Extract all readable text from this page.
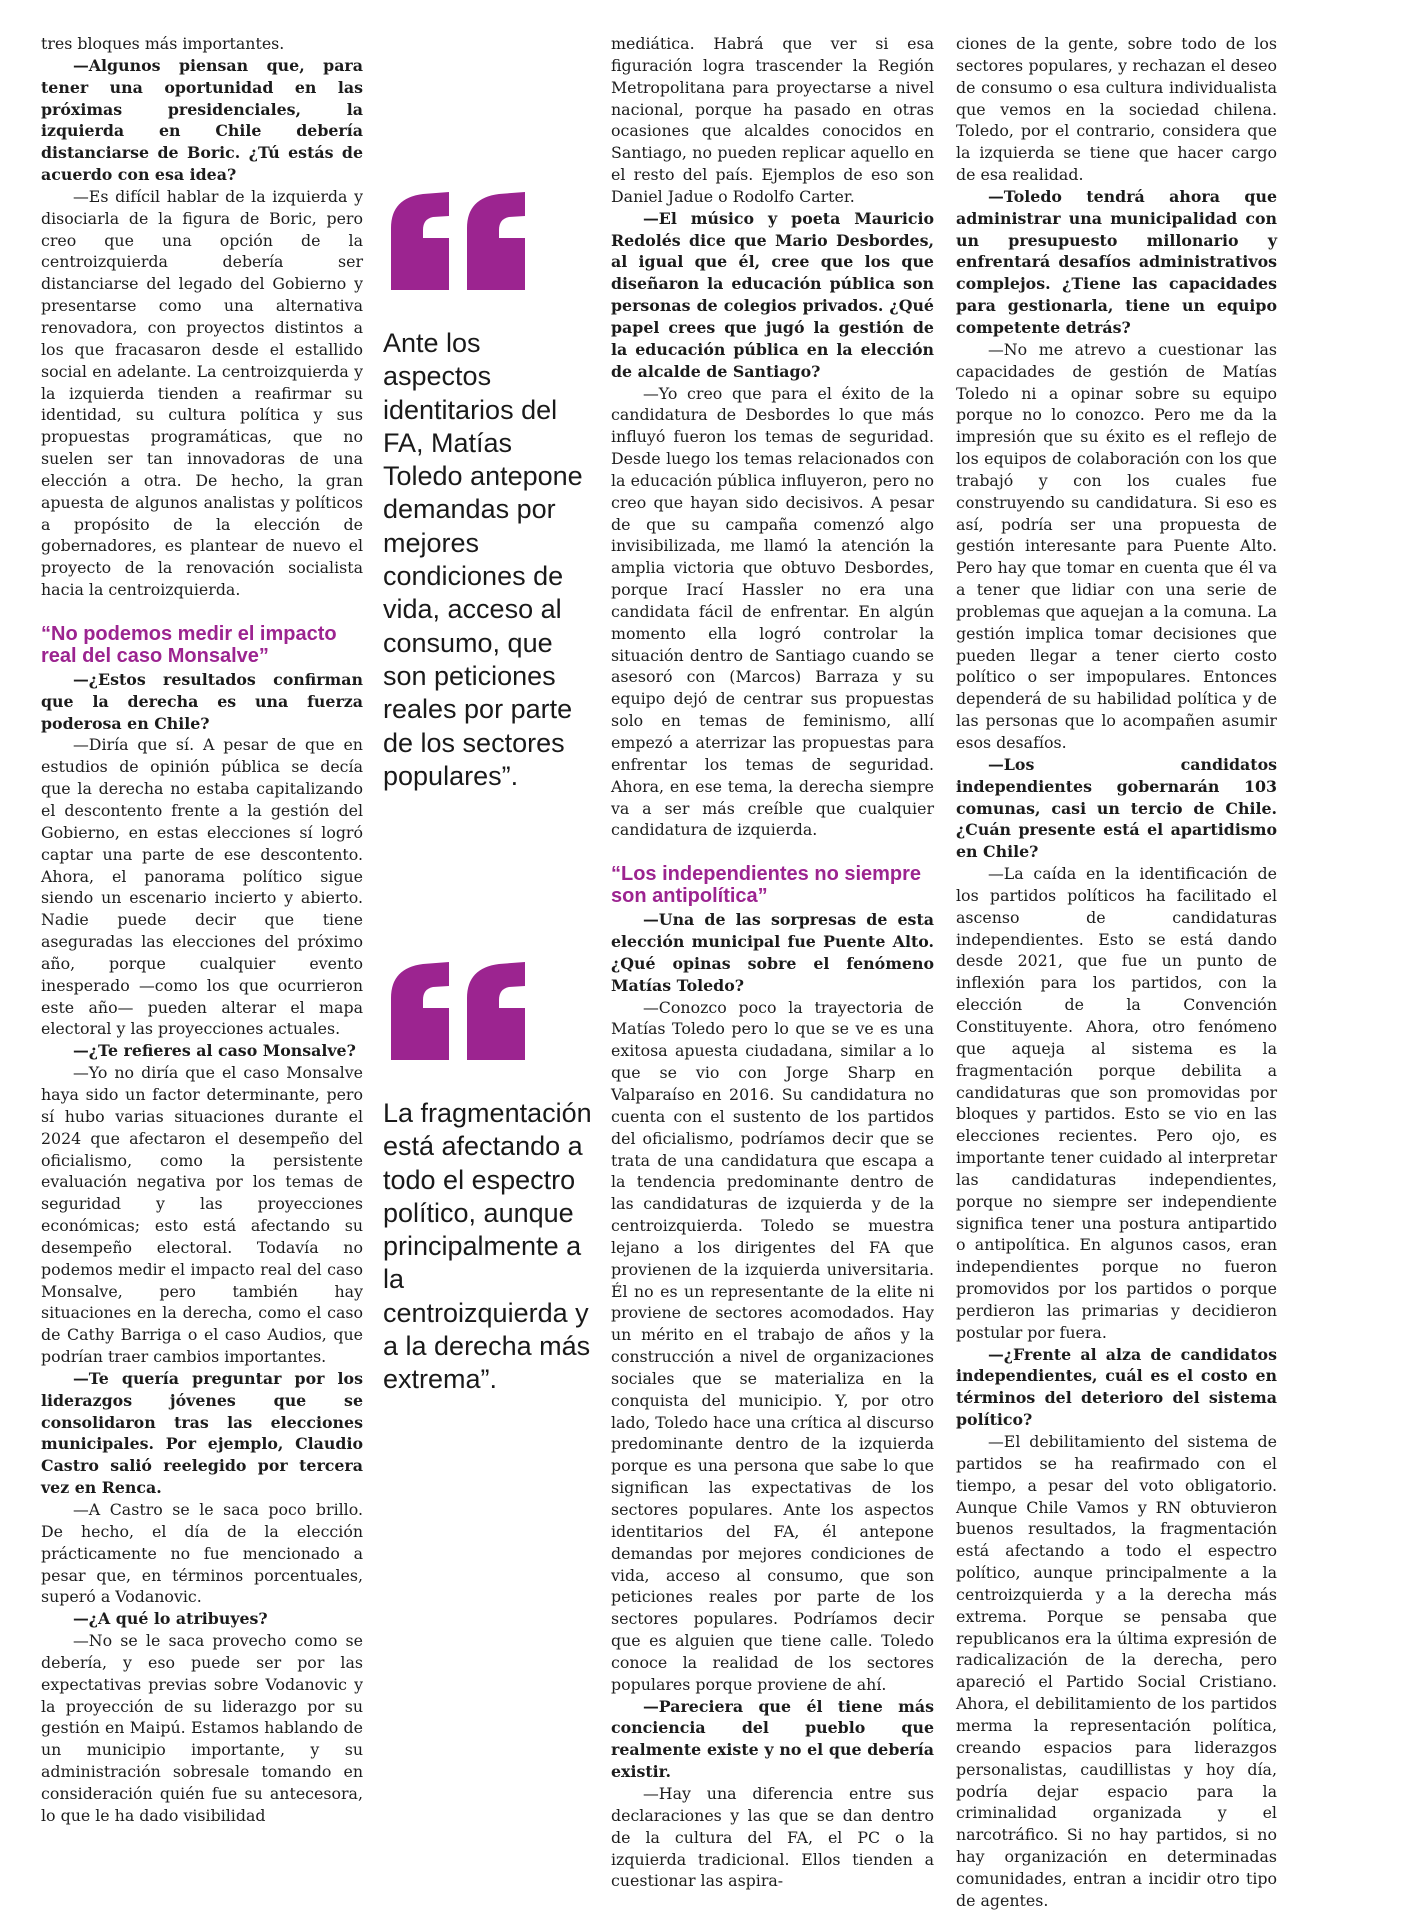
tres bloques más importantes.

—Algunos piensan que, para tener una oportunidad en las próximas presidenciales, la izquierda en Chile debería distanciarse de Boric. ¿Tú estás de acuerdo con esa idea?

—Es difícil hablar de la izquierda y disociarla de la figura de Boric, pero creo que una opción de la centroizquierda debería ser distanciarse del legado del Gobierno y presentarse como una alternativa renovadora, con proyectos distintos a los que fracasaron desde el estallido social en adelante. La centroizquierda y la izquierda tienden a reafirmar su identidad, su cultura política y sus propuestas programáticas, que no suelen ser tan innovadoras de una elección a otra. De hecho, la gran apuesta de algunos analistas y políticos a propósito de la elección de gobernadores, es plantear de nuevo el proyecto de la renovación socialista hacia la centroizquierda.

“No podemos medir el impacto real del caso Monsalve”

—¿Estos resultados confirman que la derecha es una fuerza poderosa en Chile?

—Diría que sí. A pesar de que en estudios de opinión pública se decía que la derecha no estaba capitalizando el descontento frente a la gestión del Gobierno, en estas elecciones sí logró captar una parte de ese descontento. Ahora, el panorama político sigue siendo un escenario incierto y abierto. Nadie puede decir que tiene aseguradas las elecciones del próximo año, porque cualquier evento inesperado —como los que ocurrieron este año— pueden alterar el mapa electoral y las proyecciones actuales.

—¿Te refieres al caso Monsalve?

—Yo no diría que el caso Monsalve haya sido un factor determinante, pero sí hubo varias situaciones durante el 2024 que afectaron el desempeño del oficialismo, como la persistente evaluación negativa por los temas de seguridad y las proyecciones económicas; esto está afectando su desempeño electoral. Todavía no podemos medir el impacto real del caso Monsalve, pero también hay situaciones en la derecha, como el caso de Cathy Barriga o el caso Audios, que podrían traer cambios importantes.

—Te quería preguntar por los liderazgos jóvenes que se consolidaron tras las elecciones municipales. Por ejemplo, Claudio Castro salió reelegido por tercera vez en Renca.

—A Castro se le saca poco brillo. De hecho, el día de la elección prácticamente no fue mencionado a pesar que, en términos porcentuales, superó a Vodanovic.

—¿A qué lo atribuyes?

—No se le saca provecho como se debería, y eso puede ser por las expectativas previas sobre Vodanovic y la proyección de su liderazgo por su gestión en Maipú. Estamos hablando de un municipio importante, y su administración sobresale tomando en consideración quién fue su antecesora, lo que le ha dado visibilidad

Ante los aspectos identitarios del FA, Matías Toledo antepone demandas por mejores condiciones de vida, acceso al consumo, que son peticiones reales por parte de los sectores populares”.

La fragmentación está afectando a todo el espectro político, aunque principalmente a la centroizquierda y a la derecha más extrema”.

mediática. Habrá que ver si esa figuración logra trascender la Región Metropolitana para proyectarse a nivel nacional, porque ha pasado en otras ocasiones que alcaldes conocidos en Santiago, no pueden replicar aquello en el resto del país. Ejemplos de eso son Daniel Jadue o Rodolfo Carter.

—El músico y poeta Mauricio Redolés dice que Mario Desbordes, al igual que él, cree que los que diseñaron la educación pública son personas de colegios privados. ¿Qué papel crees que jugó la gestión de la educación pública en la elección de alcalde de Santiago?

—Yo creo que para el éxito de la candidatura de Desbordes lo que más influyó fueron los temas de seguridad. Desde luego los temas relacionados con la educación pública influyeron, pero no creo que hayan sido decisivos. A pesar de que su campaña comenzó algo invisibilizada, me llamó la atención la amplia victoria que obtuvo Desbordes, porque Iracı́ Hassler no era una candidata fácil de enfrentar. En algún momento ella logró controlar la situación dentro de Santiago cuando se asesoró con (Marcos) Barraza y su equipo dejó de centrar sus propuestas solo en temas de feminismo, allí empezó a aterrizar las propuestas para enfrentar los temas de seguridad. Ahora, en ese tema, la derecha siempre va a ser más creíble que cualquier candidatura de izquierda.

“Los independientes no siempre son antipolítica”

—Una de las sorpresas de esta elección municipal fue Puente Alto. ¿Qué opinas sobre el fenómeno Matías Toledo?

—Conozco poco la trayectoria de Matías Toledo pero lo que se ve es una exitosa apuesta ciudadana, similar a lo que se vio con Jorge Sharp en Valparaíso en 2016. Su candidatura no cuenta con el sustento de los partidos del oficialismo, podríamos decir que se trata de una candidatura que escapa a la tendencia predominante dentro de las candidaturas de izquierda y de la centroizquierda. Toledo se muestra lejano a los dirigentes del FA que provienen de la izquierda universitaria. Él no es un representante de la elite ni proviene de sectores acomodados. Hay un mérito en el trabajo de años y la construcción a nivel de organizaciones sociales que se materializa en la conquista del municipio. Y, por otro lado, Toledo hace una crítica al discurso predominante dentro de la izquierda porque es una persona que sabe lo que significan las expectativas de los sectores populares. Ante los aspectos identitarios del FA, él antepone demandas por mejores condiciones de vida, acceso al consumo, que son peticiones reales por parte de los sectores populares. Podríamos decir que es alguien que tiene calle. Toledo conoce la realidad de los sectores populares porque proviene de ahí.

—Pareciera que él tiene más conciencia del pueblo que realmente existe y no el que debería existir.

—Hay una diferencia entre sus declaraciones y las que se dan dentro de la cultura del FA, el PC o la izquierda tradicional. Ellos tienden a cuestionar las aspira-

ciones de la gente, sobre todo de los sectores populares, y rechazan el deseo de consumo o esa cultura individualista que vemos en la sociedad chilena. Toledo, por el contrario, considera que la izquierda se tiene que hacer cargo de esa realidad.

—Toledo tendrá ahora que administrar una municipalidad con un presupuesto millonario y enfrentará desafíos administrativos complejos. ¿Tiene las capacidades para gestionarla, tiene un equipo competente detrás?

—No me atrevo a cuestionar las capacidades de gestión de Matías Toledo ni a opinar sobre su equipo porque no lo conozco. Pero me da la impresión que su éxito es el reflejo de los equipos de colaboración con los que trabajó y con los cuales fue construyendo su candidatura. Si eso es así, podría ser una propuesta de gestión interesante para Puente Alto. Pero hay que tomar en cuenta que él va a tener que lidiar con una serie de problemas que aquejan a la comuna. La gestión implica tomar decisiones que pueden llegar a tener cierto costo político o ser impopulares. Entonces dependerá de su habilidad política y de las personas que lo acompañen asumir esos desafíos.

—Los candidatos independientes gobernarán 103 comunas, casi un tercio de Chile. ¿Cuán presente está el apartidismo en Chile?

—La caída en la identificación de los partidos políticos ha facilitado el ascenso de candidaturas independientes. Esto se está dando desde 2021, que fue un punto de inflexión para los partidos, con la elección de la Convención Constituyente. Ahora, otro fenómeno que aqueja al sistema es la fragmentación porque debilita a candidaturas que son promovidas por bloques y partidos. Esto se vio en las elecciones recientes. Pero ojo, es importante tener cuidado al interpretar las candidaturas independientes, porque no siempre ser independiente significa tener una postura antipartido o antipolítica. En algunos casos, eran independientes porque no fueron promovidos por los partidos o porque perdieron las primarias y decidieron postular por fuera.

—¿Frente al alza de candidatos independientes, cuál es el costo en términos del deterioro del sistema político?

—El debilitamiento del sistema de partidos se ha reafirmado con el tiempo, a pesar del voto obligatorio. Aunque Chile Vamos y RN obtuvieron buenos resultados, la fragmentación está afectando a todo el espectro político, aunque principalmente a la centroizquierda y a la derecha más extrema. Porque se pensaba que republicanos era la última expresión de radicalización de la derecha, pero apareció el Partido Social Cristiano. Ahora, el debilitamiento de los partidos merma la representación política, creando espacios para liderazgos personalistas, caudillistas y hoy día, podría dejar espacio para la criminalidad organizada y el narcotráfico. Si no hay partidos, si no hay organización en determinadas comunidades, entran a incidir otro tipo de agentes.
